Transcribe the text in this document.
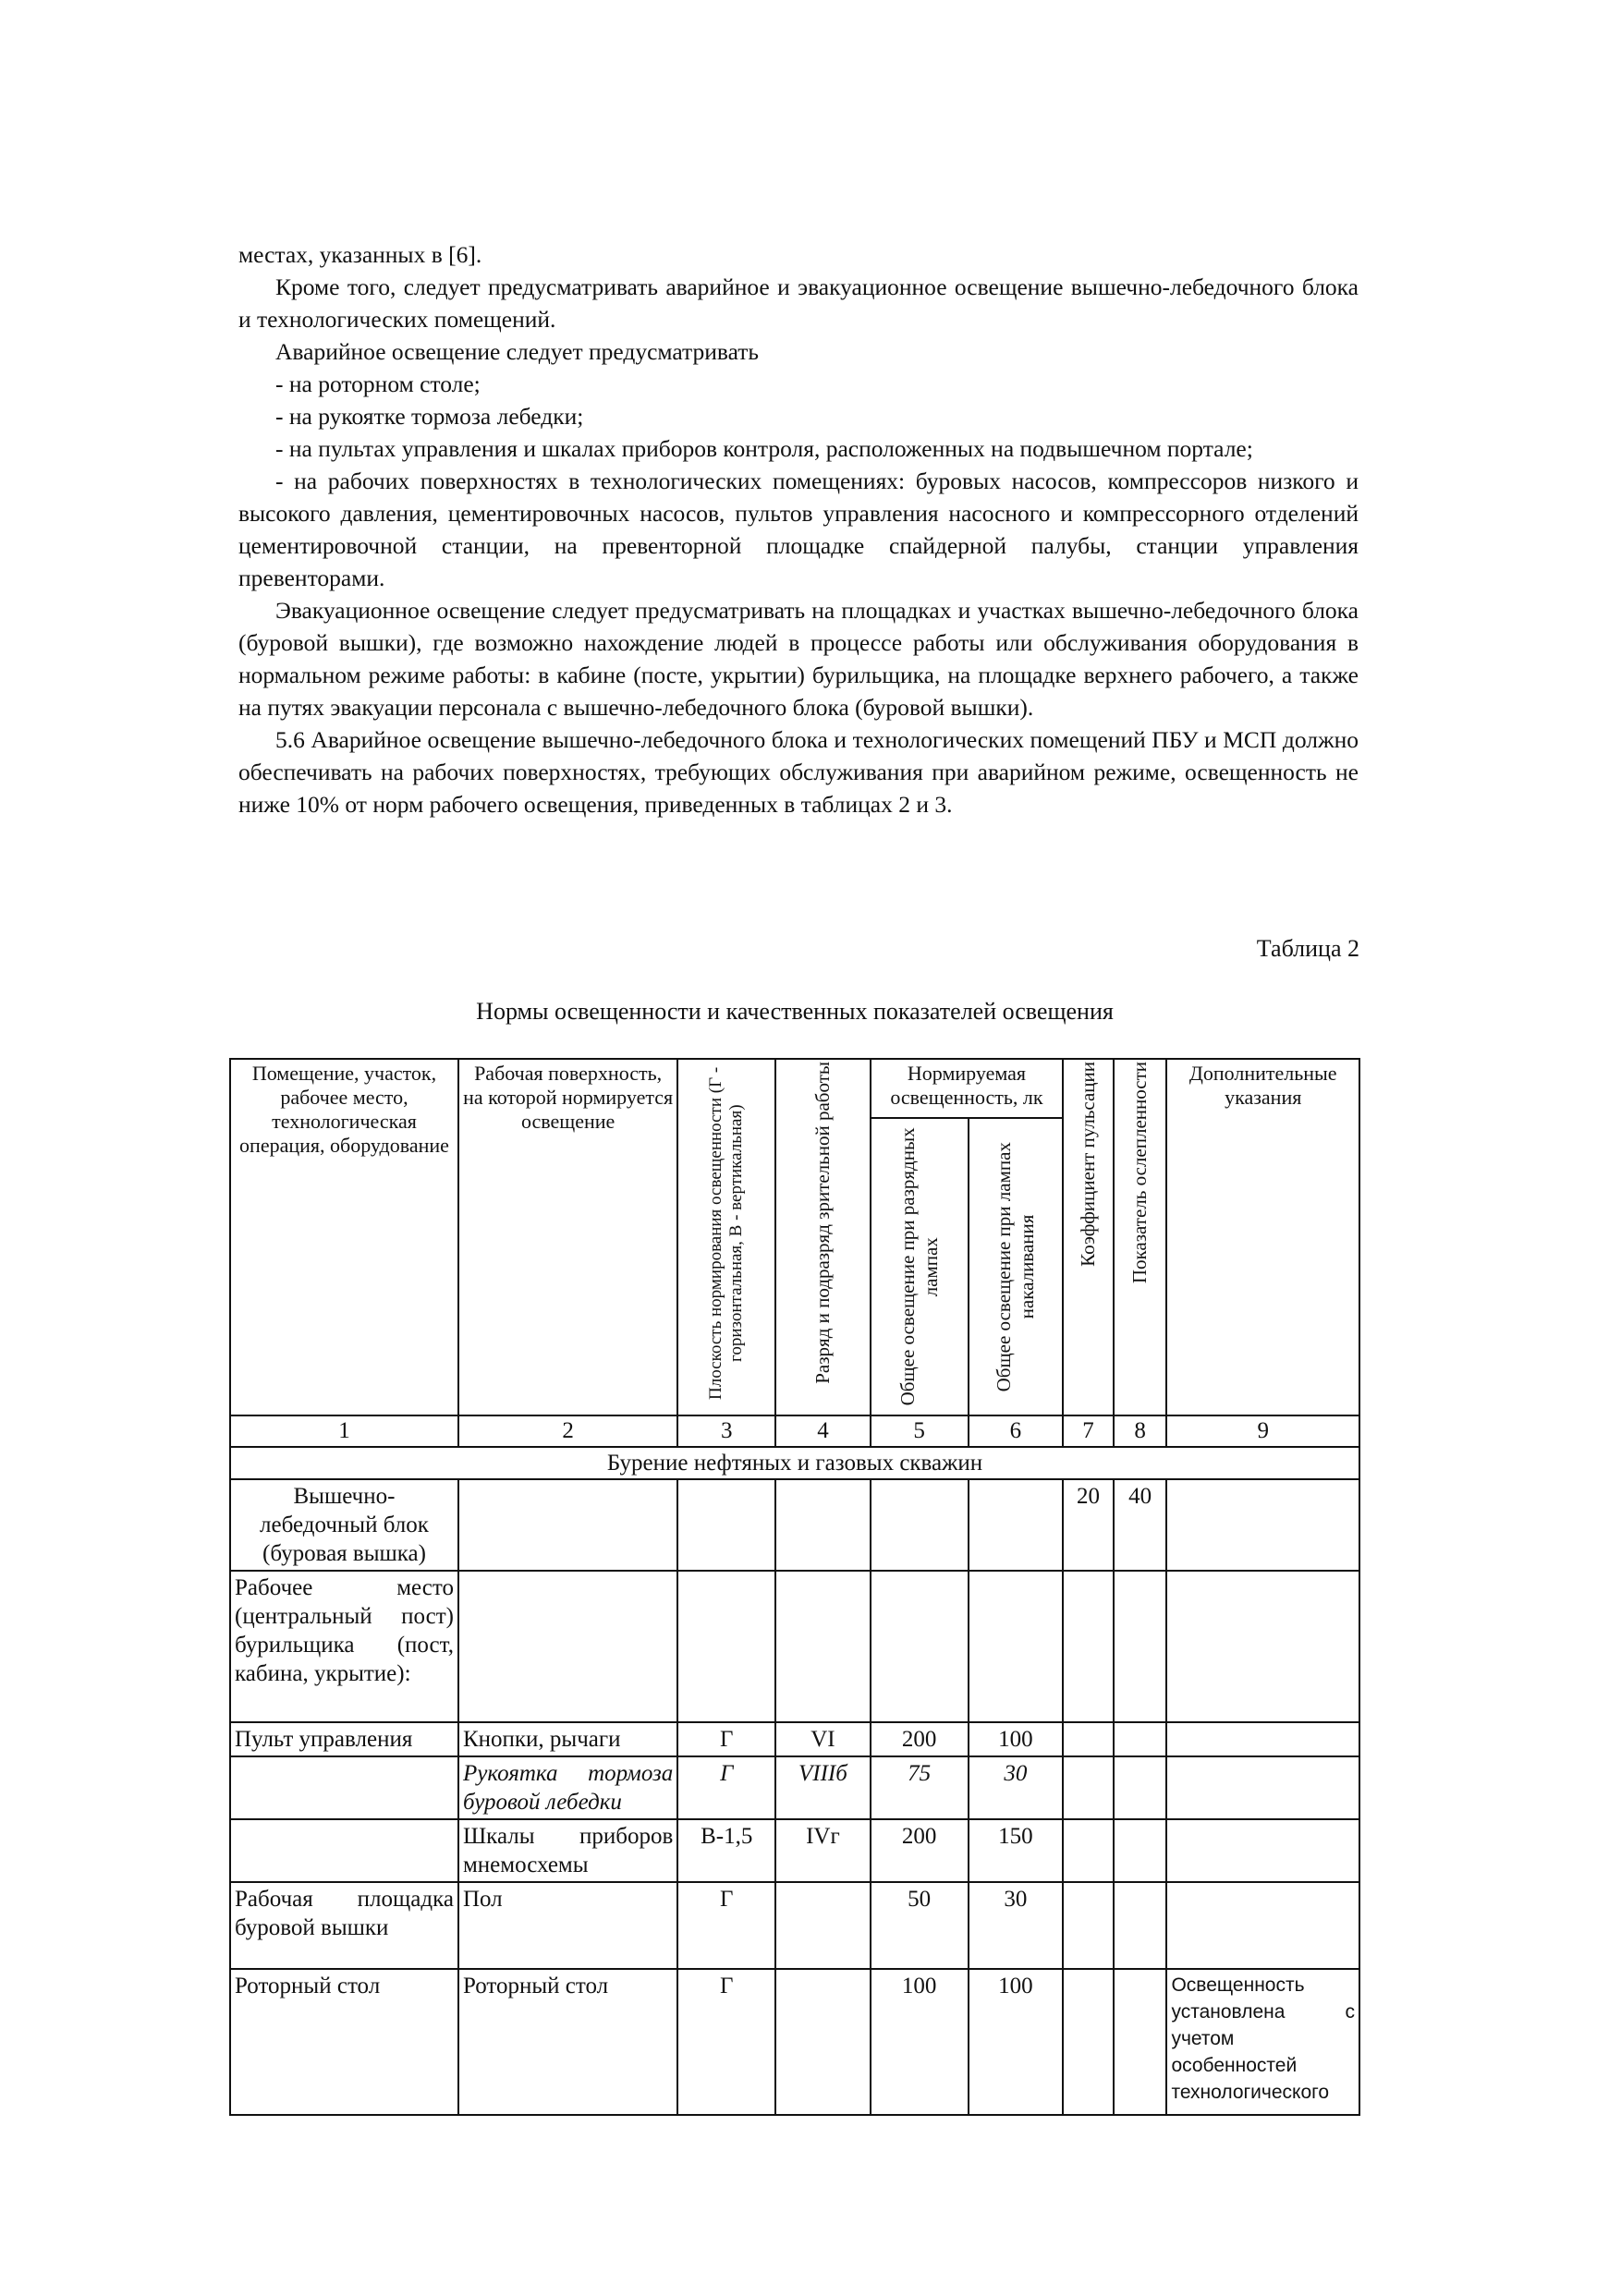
местах, указанных в [6].

Кроме того, следует предусматривать аварийное и эвакуационное освещение вышечно-лебедочного блока и технологических помещений.

Аварийное освещение следует предусматривать

- на роторном столе;

- на рукоятке тормоза лебедки;

- на пультах управления и шкалах приборов контроля, расположенных на подвышечном портале;

- на рабочих поверхностях в технологических помещениях: буровых насосов, компрессоров низкого и высокого давления, цементировочных насосов, пультов управления насосного и компрессорного отделений цементировочной станции, на превенторной площадке спайдерной палубы, станции управления превенторами.

Эвакуационное освещение следует предусматривать на площадках и участках вышечно-лебедочного блока (буровой вышки), где возможно нахождение людей в процессе работы или обслуживания оборудования в нормальном режиме работы: в кабине (посте, укрытии) бурильщика, на площадке верхнего рабочего, а также на путях эвакуации персонала с вышечно-лебедочного блока (буровой вышки).

5.6 Аварийное освещение вышечно-лебедочного блока и технологических помещений ПБУ и МСП должно обеспечивать на рабочих поверхностях, требующих обслуживания при аварийном режиме, освещенность не ниже 10% от норм рабочего освещения, приведенных в таблицах 2 и 3.

Таблица 2
Нормы освещенности и качественных показателей освещения
Помещение, участок, рабочее место, технологическая операция, оборудование	Рабочая поверхность, на которой нормируется освещение	Плоскость нормирования освещенности (Г - горизонтальная, В - вертикальная)	Разряд и подразряд зрительной работы	Нормируемая освещенность, лк		Коэффициент пульсации	Показатель ослепленности	Дополнительные указания
				Общее освещение при разрядных лампах	Общее освещение при лампах накаливания			
1	2	3	4	5	6	7	8	9
Бурение нефтяных и газовых скважин								
Вышечно-лебедочный блок (буровая вышка)						20	40	
Рабочее место (центральный пост) бурильщика (пост, кабина, укрытие):								
Пульт управления	Кнопки, рычаги	Г	VI	200	100			
	Рукоятка тормоза буровой лебедки	Г	VIIIб	75	30			
	Шкалы приборов мнемосхемы	В-1,5	IVг	200	150			
Рабочая площадка буровой вышки	Пол	Г		50	30			
Роторный стол	Роторный стол	Г		100	100			Освещенность установлена с учетом особенностей технологического
